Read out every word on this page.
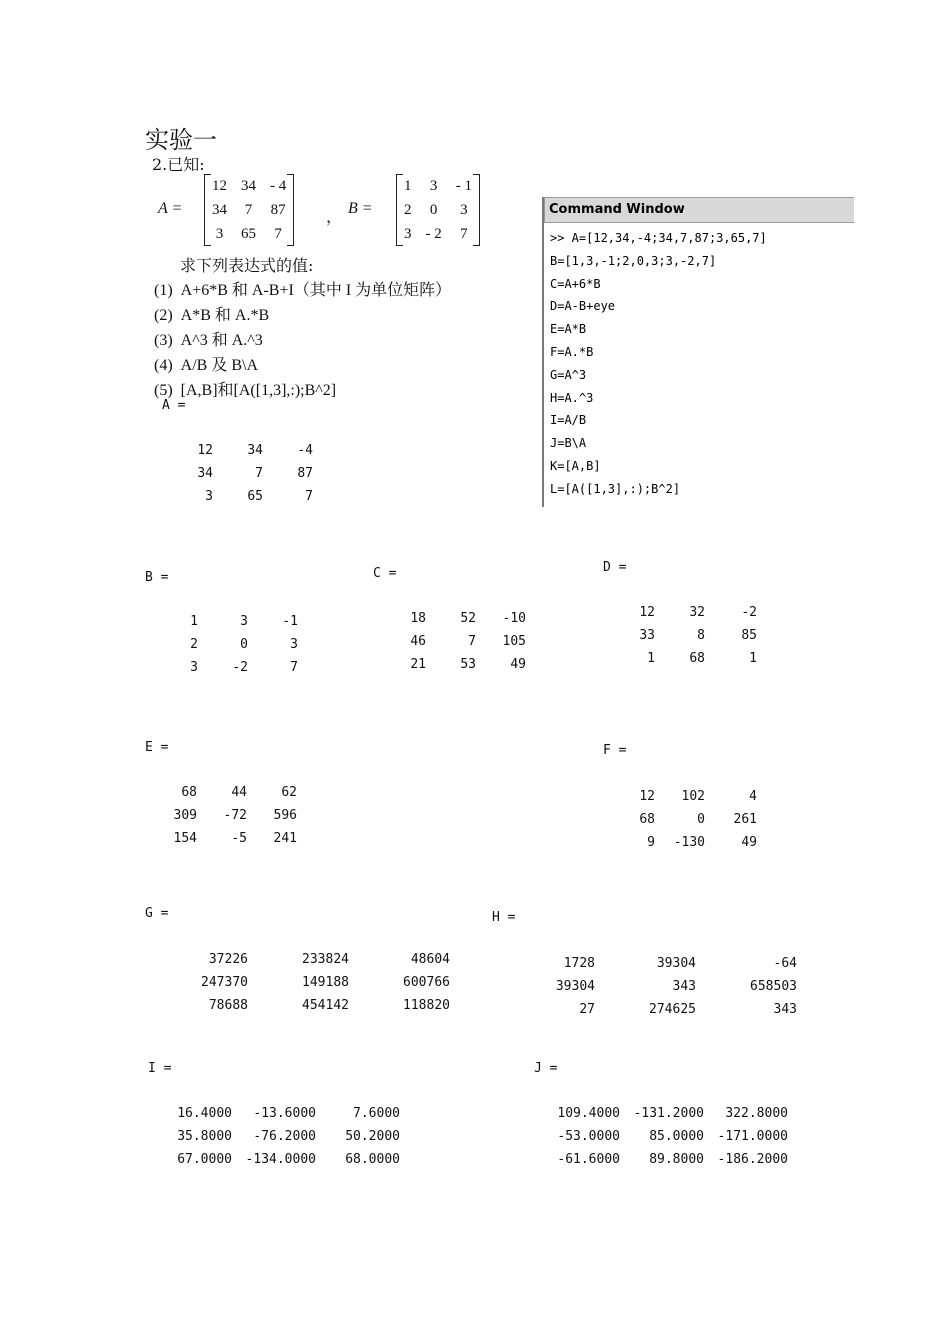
实验一
2.已知:
A =
12	34	- 4
34	7	87
3	65	7
，
B =
1	3	- 1
2	0	3
3	- 2	7
求下列表达式的值:
(1) A+6*B 和 A-B+I（其中 I 为单位矩阵）
(2) A*B 和 A.*B
(3) A^3 和 A.^3
(4) A/B 及 B\A
(5) [A,B]和[A([1,3],:);B^2]
Command Window
>> A=[12,34,-4;34,7,87;3,65,7]
B=[1,3,-1;2,0,3;3,-2,7]
C=A+6*B
D=A-B+eye
E=A*B
F=A.*B
G=A^3
H=A.^3
I=A/B
J=B\A
K=[A,B]
L=[A([1,3],:);B^2]
A =
12	34	-4
34	7	87
3	65	7
B =
1	3	-1
2	0	3
3	-2	7
C =
18	52	-10
46	7	105
21	53	49
D =
12	32	-2
33	8	85
1	68	1
E =
68	44	62
309	-72	596
154	-5	241
F =
12	102	4
68	0	261
9	-130	49
G =
37226	233824	48604
247370	149188	600766
78688	454142	118820
H =
1728	39304	-64
39304	343	658503
27	274625	343
I =
16.4000	-13.6000	7.6000
35.8000	-76.2000	50.2000
67.0000	-134.0000	68.0000
J =
109.4000	-131.2000	322.8000
-53.0000	85.0000	-171.0000
-61.6000	89.8000	-186.2000
